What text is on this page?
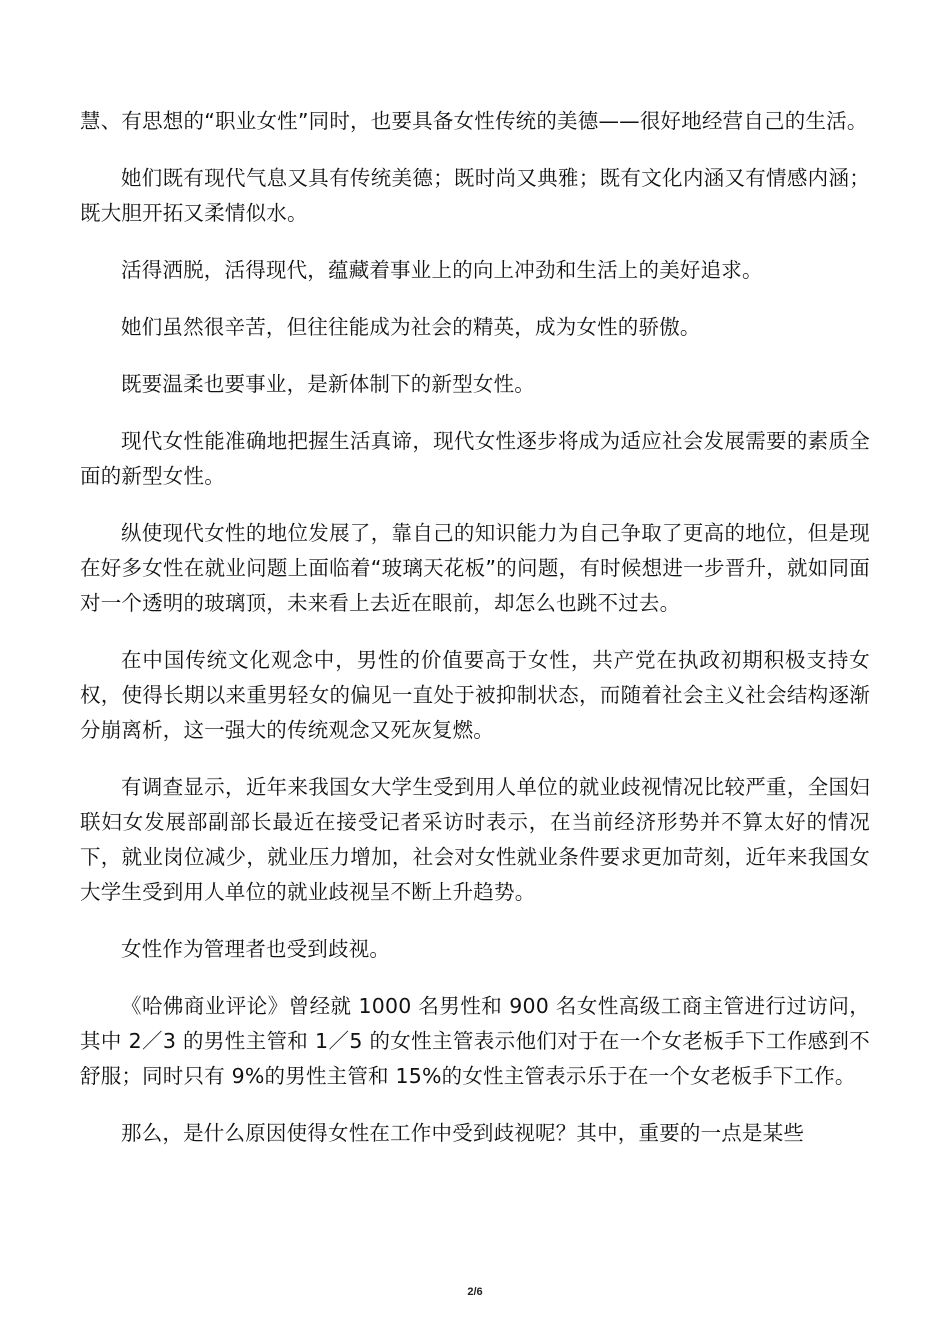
慧、有思想的“职业女性”同时，也要具备女性传统的美德——很好地经营自己的生活。

她们既有现代气息又具有传统美德；既时尚又典雅；既有文化内涵又有情感内涵；既大胆开拓又柔情似水。

活得洒脱，活得现代，蕴藏着事业上的向上冲劲和生活上的美好追求。

她们虽然很辛苦，但往往能成为社会的精英，成为女性的骄傲。

既要温柔也要事业，是新体制下的新型女性。

现代女性能准确地把握生活真谛，现代女性逐步将成为适应社会发展需要的素质全面的新型女性。

纵使现代女性的地位发展了，靠自己的知识能力为自己争取了更高的地位，但是现在好多女性在就业问题上面临着“玻璃天花板”的问题，有时候想进一步晋升，就如同面对一个透明的玻璃顶，未来看上去近在眼前，却怎么也跳不过去。

在中国传统文化观念中，男性的价值要高于女性，共产党在执政初期积极支持女权，使得长期以来重男轻女的偏见一直处于被抑制状态，而随着社会主义社会结构逐渐分崩离析，这一强大的传统观念又死灰复燃。

有调查显示，近年来我国女大学生受到用人单位的就业歧视情况比较严重，全国妇联妇女发展部副部长最近在接受记者采访时表示，在当前经济形势并不算太好的情况下，就业岗位减少，就业压力增加，社会对女性就业条件要求更加苛刻，近年来我国女大学生受到用人单位的就业歧视呈不断上升趋势。

女性作为管理者也受到歧视。

《哈佛商业评论》曾经就 1000 名男性和 900 名女性高级工商主管进行过访问，其中 2／3 的男性主管和 1／5 的女性主管表示他们对于在一个女老板手下工作感到不舒服；同时只有 9%的男性主管和 15%的女性主管表示乐于在一个女老板手下工作。

那么，是什么原因使得女性在工作中受到歧视呢？其中，重要的一点是某些

2/6
